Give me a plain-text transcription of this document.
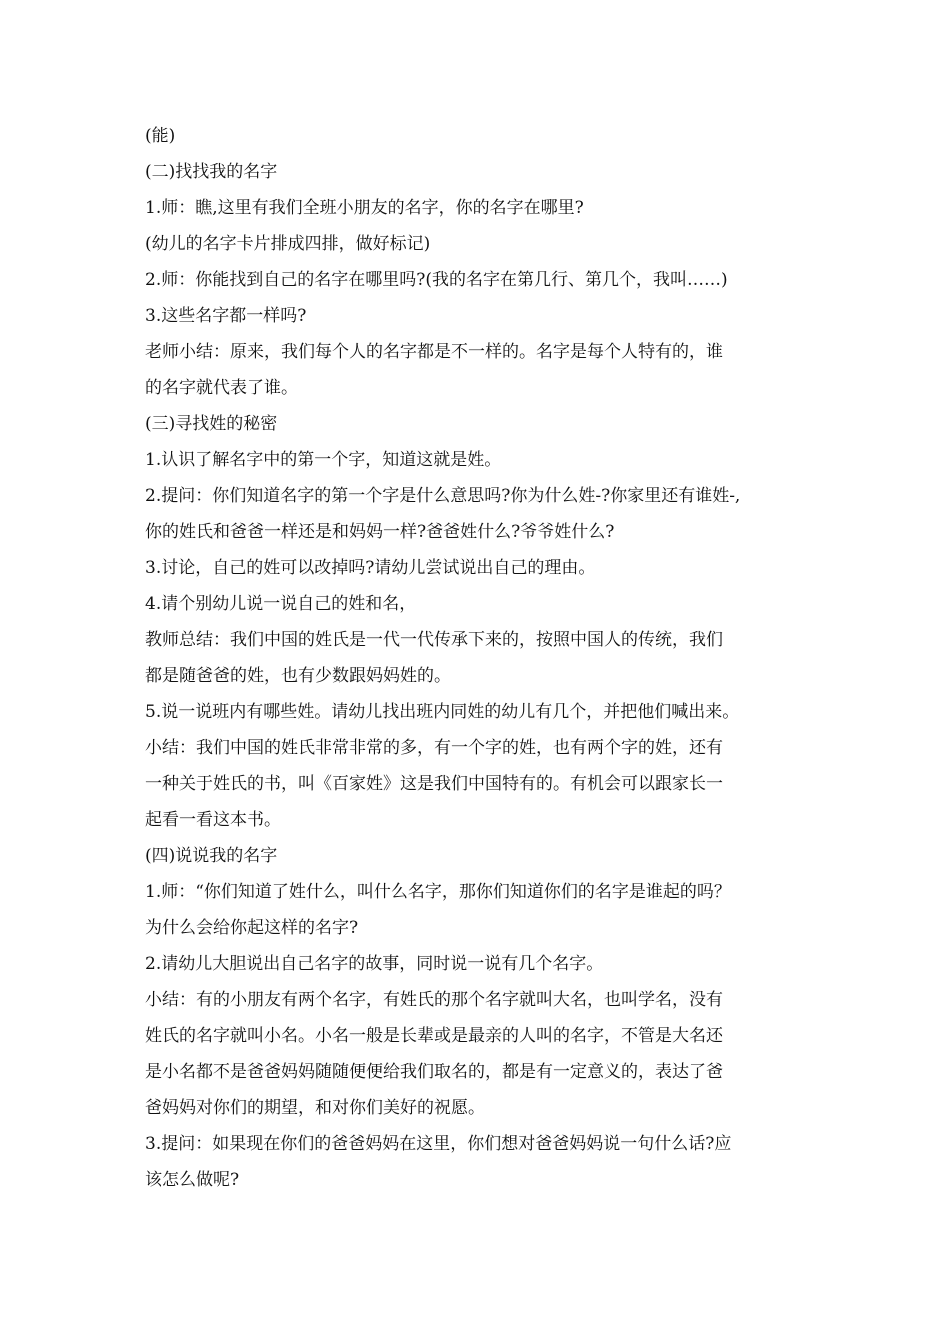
(能)

(二)找找我的名字

1.师：瞧,这里有我们全班小朋友的名字，你的名字在哪里?

(幼儿的名字卡片排成四排，做好标记)

2.师：你能找到自己的名字在哪里吗?(我的名字在第几行、第几个，我叫……)

3.这些名字都一样吗?

老师小结：原来，我们每个人的名字都是不一样的。名字是每个人特有的，谁

的名字就代表了谁。

(三)寻找姓的秘密

1.认识了解名字中的第一个字，知道这就是姓。

2.提问：你们知道名字的第一个字是什么意思吗?你为什么姓-?你家里还有谁姓-,

你的姓氏和爸爸一样还是和妈妈一样?爸爸姓什么?爷爷姓什么?

3.讨论，自己的姓可以改掉吗?请幼儿尝试说出自己的理由。

4.请个别幼儿说一说自己的姓和名，

教师总结：我们中国的姓氏是一代一代传承下来的，按照中国人的传统，我们

都是随爸爸的姓，也有少数跟妈妈姓的。

5.说一说班内有哪些姓。请幼儿找出班内同姓的幼儿有几个，并把他们喊出来。

小结：我们中国的姓氏非常非常的多，有一个字的姓，也有两个字的姓，还有

一种关于姓氏的书，叫《百家姓》这是我们中国特有的。有机会可以跟家长一

起看一看这本书。

(四)说说我的名字

1.师：“你们知道了姓什么，叫什么名字，那你们知道你们的名字是谁起的吗？

为什么会给你起这样的名字?

2.请幼儿大胆说出自己名字的故事，同时说一说有几个名字。

小结：有的小朋友有两个名字，有姓氏的那个名字就叫大名，也叫学名，没有

姓氏的名字就叫小名。小名一般是长辈或是最亲的人叫的名字，不管是大名还

是小名都不是爸爸妈妈随随便便给我们取名的，都是有一定意义的，表达了爸

爸妈妈对你们的期望，和对你们美好的祝愿。

3.提问：如果现在你们的爸爸妈妈在这里，你们想对爸爸妈妈说一句什么话?应

该怎么做呢?
